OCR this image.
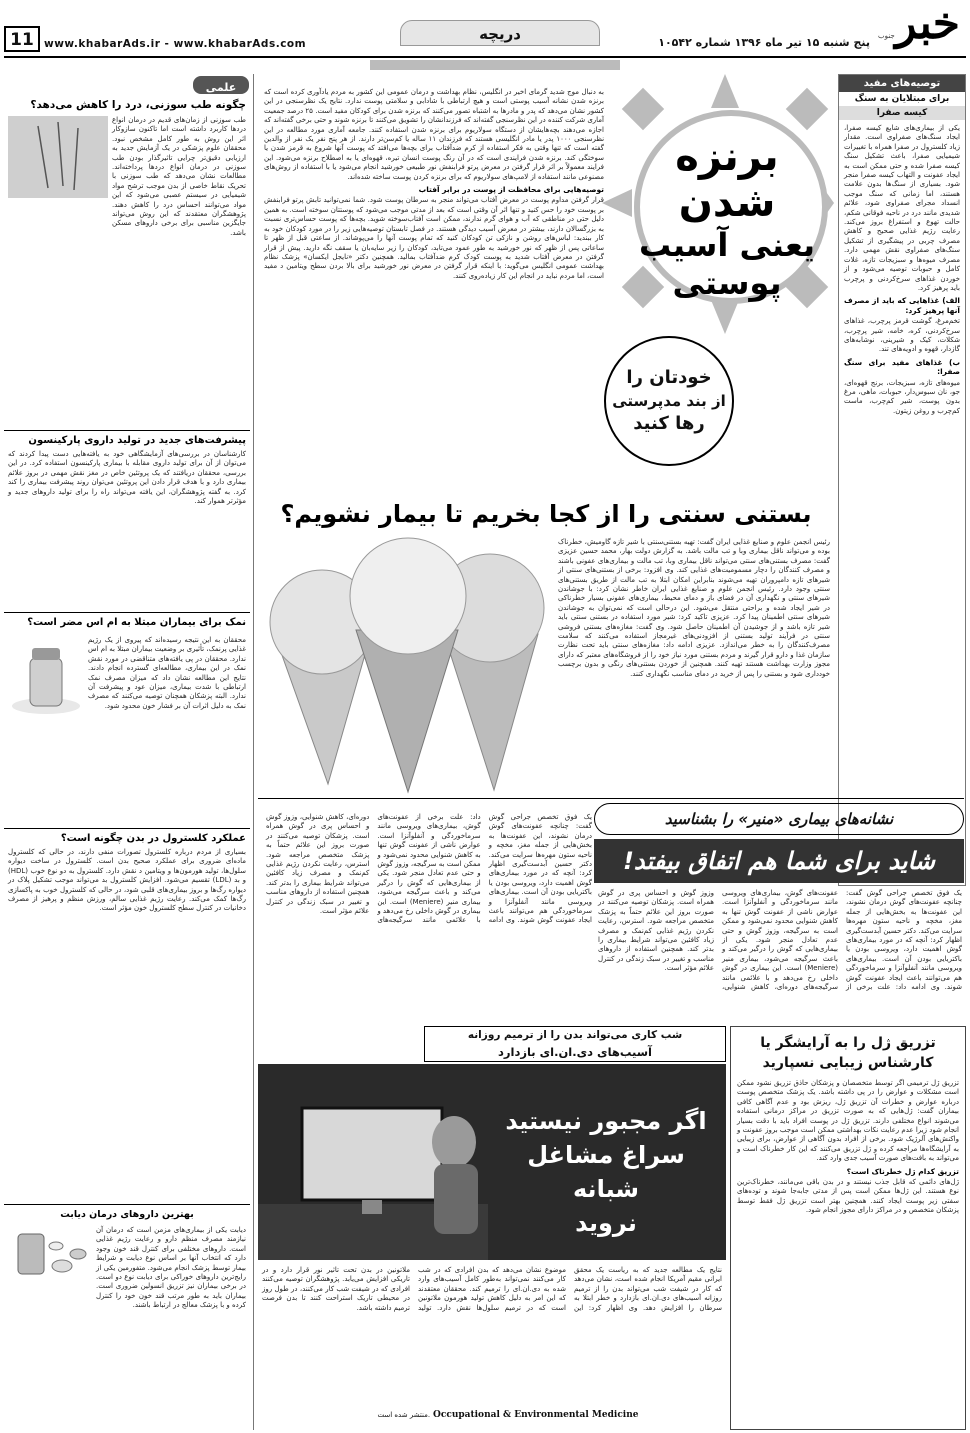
خبر
جنوب
پنج شنبه ۱۵ تیر ماه ۱۳۹۶ شماره ۱۰۵۴۲
دریچه
www.khabarAds.ir - www.khabarAds.com
11
KHABAR-E-JONOOB MORNING NEWSPAPER
توصیه‌های مفید
برای مبتلایان به سنگ
کیسه صفرا

یکی از بیماری‌های شایع کیسه صفرا، ایجاد سنگ‌های صفراوی است. مقدار زیاد کلسترول در صفرا همراه با تغییرات شیمیایی صفرا، باعث تشکیل سنگ کیسه صفرا شده و حتی ممکن است به ایجاد عفونت و التهاب کیسه صفرا منجر شود. بسیاری از سنگ‌ها بدون علامت هستند، اما زمانی که سنگ موجب انسداد مجرای صفراوی شود، علائم شدیدی مانند درد در ناحیه فوقانی شکم، حالت تهوع و استفراغ بروز می‌کند. رعایت رژیم غذایی صحیح و کاهش مصرف چربی در پیشگیری از تشکیل سنگ‌های صفراوی نقش مهمی دارد. مصرف میوه‌ها و سبزیجات تازه، غلات کامل و حبوبات توصیه می‌شود و از خوردن غذاهای سرخ‌کردنی و پرچرب باید پرهیز کرد.

الف) غذاهایی که باید از مصرف آنها پرهیز کرد:

تخم‌مرغ، گوشت قرمز پرچرب، غذاهای سرخ‌کردنی، کره، خامه، شیر پرچرب، شکلات، کیک و شیرینی، نوشابه‌های گازدار، قهوه و ادویه‌های تند.

ب) غذاهای مفید برای سنگ صفرا:

میوه‌های تازه، سبزیجات، برنج قهوه‌ای، جو، نان سبوس‌دار، حبوبات، ماهی، مرغ بدون پوست، شیر کم‌چرب، ماست کم‌چرب و روغن زیتون.

برنزه شدن
یعنی آسیب
پوستی
خودتان را
از بند مدپرستی
رها کنید

به دنبال موج شدید گرمای اخیر در انگلیس، نظام بهداشت و درمان عمومی این کشور به مردم یادآوری کرده است که برنزه شدن نشانه آسیب پوستی است و هیچ ارتباطی با شادابی و سلامتی پوست ندارد. نتایج یک نظرسنجی در این کشور نشان می‌دهد که پدر و مادرها به اشتباه تصور می‌کنند که برنزه شدن برای کودکان مفید است. ۲۵ درصد جمعیت آماری شرکت کننده در این نظرسنجی گفته‌اند که فرزندانشان را تشویق می‌کنند تا برنزه شوند و حتی برخی گفته‌اند که اجازه می‌دهند بچه‌هایشان از دستگاه سولاریوم برای برنزه شدن استفاده کنند. جامعه آماری مورد مطالعه در این نظرسنجی ۱۰۰۰ پدر یا مادر انگلیسی هستند که فرزندان ۱۱ ساله یا کم‌سن‌تر دارند. از هر پنج نفر یک نفر از والدین گفته است که تنها وقتی به فکر استفاده از کرم ضدآفتاب برای بچه‌ها می‌افتد که پوست آنها شروع به قرمز شدن یا سوختگی کند. برنزه شدن فرایندی است که در آن رنگ پوست انسان تیره، قهوه‌ای یا به اصطلاح برنزه می‌شود. این فرایند معمولاً بر اثر قرار گرفتن در معرض پرتو فرابنفش نور طبیعی خورشید انجام می‌شود یا با استفاده از روش‌های مصنوعی مانند استفاده از لامپ‌های سولاریوم که برای برنزه کردن پوست ساخته شده‌اند.

توصیه‌هایی برای محافظت از پوست در برابر آفتاب

قرار گرفتن مداوم پوست در معرض آفتاب می‌تواند منجر به سرطان پوست شود. شما نمی‌توانید تابش پرتو فرابنفش بر پوست خود را حس کنید و تنها اثر آن وقتی است که بعد از مدتی موجب می‌شود که پوستتان سوخته است. به همین دلیل حتی در مناطقی که آب و هوای گرم ندارند، ممکن است آفتاب‌سوخته شوید. بچه‌ها که پوست حساس‌تری نسبت به بزرگسالان دارند، بیشتر در معرض آسیب دیدگی هستند. در فصل تابستان توصیه‌هایی زیر را در مورد کودکان خود به کار ببندید: لباس‌های روشن و نازکی تن کودکان کنید که تمام پوست آنها را می‌پوشاند. از ساعتی قبل از ظهر تا ساعاتی پس از ظهر که نور خورشید به طور عمود می‌تابد، کودکان را زیر سایه‌بان یا سقف نگه دارید. پیش از قرار گرفتن در معرض آفتاب شدید به پوست کودک کرم ضدآفتاب بمالید. همچنین دکتر «نایجل ایکسان» پزشک نظام بهداشت عمومی انگلیس می‌گوید: با اینکه قرار گرفتن در معرض نور خورشید برای بالا بردن سطح ویتامین د مفید است، اما مردم نباید در انجام این کار زیاده‌روی کنند.

بستنی سنتی را از کجا بخریم تا بیمار نشویم؟
رئیس انجمن علوم و صنایع غذایی ایران گفت: تهیه بستنی‌سنتی با شیر تازه گاومیش، خطرناک بوده و می‌تواند ناقل بیماری وبا و تب مالت باشد. به گزارش دولت بهار، محمد حسین عزیزی گفت: مصرف بستنی‌های سنتی می‌تواند ناقل بیماری وبا، تب مالت و بیماری‌های عفونی باشند و مصرف کنندگان را دچار مسمومیت‌های غذایی کند. وی افزود: برخی از بستنی‌های سنتی از شیرهای تازه دامپروران تهیه می‌شوند بنابراین امکان ابتلا به تب مالت از طریق بستنی‌های سنتی وجود دارد. رئیس انجمن علوم و صنایع غذایی ایران خاطر نشان کرد: با جوشاندن شیرهای سنتی و نگهداری آن در فضای باز و دمای محیط، بیماری‌های عفونی بسیار خطرناکی در شیر ایجاد شده و براحتی منتقل می‌شود. این درحالی است که نمی‌توان به جوشاندن شیرهای سنتی اطمینان پیدا کرد. عزیزی تاکید کرد: شیر مورد استفاده در بستنی سنتی باید شیر تازه باشد و از جوشیدن آن اطمینان حاصل شود. وی گفت: مغازه‌های بستنی فروشی سنتی در فرآیند تولید بستنی از افزودنی‌های غیرمجاز استفاده می‌کنند که سلامت مصرف‌کنندگان را به خطر می‌اندازد. عزیزی ادامه داد: مغازه‌های سنتی باید تحت نظارت سازمان غذا و دارو قرار گیرند و مردم بستنی مورد نیاز خود را از فروشگاه‌های معتبر که دارای مجوز وزارت بهداشت هستند تهیه کنند. همچنین از خوردن بستنی‌های رنگی و بدون برچسب خودداری شود و بستنی را پس از خرید در دمای مناسب نگهداری کنند.
نشانه‌های بیماری «منیر» را بشناسید
شاید برای شما هم اتفاق بیفتد!
یک فوق تخصص جراحی گوش گفت: چنانچه عفونت‌های گوش درمان نشوند، این عفونت‌ها به بخش‌هایی از جمله مغز، مخچه و ناحیه ستون مهره‌ها سرایت می‌کند. دکتر حسین آبدست‌گیری اظهار کرد: آنچه که در مورد بیماری‌های گوش اهمیت دارد، ویروسی بودن یا باکتریایی بودن آن است. بیماری‌های ویروسی مانند آنفلوآنزا و سرماخوردگی هم می‌توانند باعث ایجاد عفونت گوش شوند. وی ادامه داد: علت برخی از عفونت‌های گوش، بیماری‌های ویروسی مانند سرماخوردگی و آنفلوآنزا است. عوارض ناشی از عفونت گوش تنها به کاهش شنوایی محدود نمی‌شود و ممکن است به سرگیجه، وزوز گوش و حتی عدم تعادل منجر شود. یکی از بیماری‌هایی که گوش را درگیر می‌کند و باعث سرگیجه می‌شود، بیماری منیر (Meniere) است. این بیماری در گوش داخلی رخ می‌دهد و با علائمی مانند سرگیجه‌های دوره‌ای، کاهش شنوایی، وزوز گوش و احساس پری در گوش همراه است. پزشکان توصیه می‌کنند در صورت بروز این علائم حتماً به پزشک متخصص مراجعه شود. استرس، رعایت نکردن رژیم غذایی کم‌نمک و مصرف زیاد کافئین می‌تواند شرایط بیماری را بدتر کند. همچنین استفاده از داروهای مناسب و تغییر در سبک زندگی در کنترل علائم مؤثر است.
یک فوق تخصص جراحی گوش گفت: چنانچه عفونت‌های گوش درمان نشوند، این عفونت‌ها به بخش‌هایی از جمله مغز، مخچه و ناحیه ستون مهره‌ها سرایت می‌کند. دکتر حسین آبدست‌گیری اظهار کرد: آنچه که در مورد بیماری‌های گوش اهمیت دارد، ویروسی بودن یا باکتریایی بودن آن است. بیماری‌های ویروسی مانند آنفلوآنزا و سرماخوردگی هم می‌توانند باعث ایجاد عفونت گوش شوند. وی ادامه داد: علت برخی از عفونت‌های گوش، بیماری‌های ویروسی مانند سرماخوردگی و آنفلوآنزا است. عوارض ناشی از عفونت گوش تنها به کاهش شنوایی محدود نمی‌شود و ممکن است به سرگیجه، وزوز گوش و حتی عدم تعادل منجر شود. یکی از بیماری‌هایی که گوش را درگیر می‌کند و باعث سرگیجه می‌شود، بیماری منیر (Meniere) است. این بیماری در گوش داخلی رخ می‌دهد و با علائمی مانند سرگیجه‌های دوره‌ای، کاهش شنوایی، وزوز گوش و احساس پری در گوش همراه است. پزشکان توصیه می‌کنند در صورت بروز این علائم حتماً به پزشک متخصص مراجعه شود. استرس، رعایت نکردن رژیم غذایی کم‌نمک و مصرف زیاد کافئین می‌تواند شرایط بیماری را بدتر کند. همچنین استفاده از داروهای مناسب و تغییر در سبک زندگی در کنترل علائم مؤثر است.
تزریق ژل را به آرایشگر یا کارشناس زیبایی نسپارید

تزریق ژل ترمیمی اگر توسط متخصصان و پزشکان حاذق تزریق نشود ممکن است مشکلات و عوارض را در پی داشته باشد. یک پزشک متخصص پوست درباره عوارض و خطرات آن تزریق ژل، ریزش بود و عدم آگاهی کافی بیماران گفت: ژل‌هایی که به صورت تزریق در مراکز درمانی استفاده می‌شوند انواع مختلفی دارند. تزریق ژل در پوست افراد باید با دقت بسیار انجام شود زیرا عدم رعایت نکات بهداشتی ممکن است موجب بروز عفونت و واکنش‌های آلرژیک شود. برخی از افراد بدون آگاهی از عوارض، برای زیبایی به آرایشگاه‌ها مراجعه کرده و ژل تزریق می‌کنند که این کار خطرناک است و می‌تواند به بافت‌های صورت آسیب جدی وارد کند.

تزریق کدام ژل خطرناک است؟

ژل‌های دائمی که قابل جذب نیستند و در بدن باقی می‌مانند، خطرناک‌ترین نوع هستند. این ژل‌ها ممکن است پس از مدتی جابه‌جا شوند و توده‌های سفتی زیر پوست ایجاد کنند. همچنین بهتر است تزریق ژل فقط توسط پزشکان متخصص و در مراکز دارای مجوز انجام شود.

شب کاری می‌تواند بدن را از ترمیم روزانه
آسیب‌های دی.ان.ای بازدارد
اگر مجبور نیستید
سراغ مشاغل شبانه
نروید
نتایج یک مطالعه جدید که به ریاست یک محقق ایرانی مقیم آمریکا انجام شده است، نشان می‌دهد که کار در شیفت شب می‌تواند بدن را از ترمیم روزانه آسیب‌های دی.ان.ای بازدارد و خطر ابتلا به سرطان را افزایش دهد. وی اظهار کرد: این موضوع نشان می‌دهد که بدن افرادی که در شب کار می‌کنند نمی‌تواند به‌طور کامل آسیب‌های وارد شده به دی.ان.ای را ترمیم کند. محققان معتقدند که این امر به دلیل کاهش تولید هورمون ملاتونین است که در ترمیم سلول‌ها نقش دارد. تولید ملاتونین در بدن تحت تاثیر نور قرار دارد و در تاریکی افزایش می‌یابد. پژوهشگران توصیه می‌کنند افرادی که در شیفت شب کار می‌کنند، در طول روز در محیطی تاریک استراحت کنند تا بدن فرصت ترمیم داشته باشد.
منتشر شده است. Occupational & Environmental Medicine
علمی
چگونه طب سوزنی، درد را کاهش می‌دهد؟
طب سوزنی از زمان‌های قدیم در درمان انواع دردها کاربرد داشته است اما تاکنون سازوکار اثر این روش به طور کامل مشخص نبود. محققان علوم پزشکی در یک آزمایش جدید به ارزیابی دقیق‌تر چرایی تاثیرگذار بودن طب سوزنی در درمان انواع دردها پرداخته‌اند. مطالعات نشان می‌دهد که طب سوزنی با تحریک نقاط خاصی از بدن موجب ترشح مواد شیمیایی در سیستم عصبی می‌شود که این مواد می‌توانند احساس درد را کاهش دهند. پژوهشگران معتقدند که این روش می‌تواند جایگزین مناسبی برای برخی داروهای مسکن باشد.
پیشرفت‌های جدید در تولید داروی پارکینسون
کارشناسان در بررسی‌های آزمایشگاهی خود به یافته‌هایی دست پیدا کردند که می‌توان از آن برای تولید داروی مقابله با بیماری پارکینسون استفاده کرد. در این بررسی، محققان دریافتند که یک پروتئین خاص در مغز نقش مهمی در بروز علائم بیماری دارد و با هدف قرار دادن این پروتئین می‌توان روند پیشرفت بیماری را کند کرد. به گفته پژوهشگران، این یافته می‌تواند راه را برای تولید داروهای جدید و مؤثرتر هموار کند.
نمک برای بیماران مبتلا به ام اس مضر است؟
محققان به این نتیجه رسیده‌اند که پیروی از یک رژیم غذایی پرنمک، تأثیری بر وضعیت بیماران مبتلا به ام اس ندارد. محققان در پی یافته‌های متناقضی در مورد نقش نمک در این بیماری، مطالعه‌ای گسترده انجام دادند. نتایج این مطالعه نشان داد که میزان مصرف نمک ارتباطی با شدت بیماری، میزان عود و پیشرفت آن ندارد. البته پزشکان همچنان توصیه می‌کنند که مصرف نمک به دلیل اثرات آن بر فشار خون محدود شود.
عملکرد کلسترول در بدن چگونه است؟
بسیاری از مردم درباره کلسترول تصورات منفی دارند، در حالی که کلسترول ماده‌ای ضروری برای عملکرد صحیح بدن است. کلسترول در ساخت دیواره سلول‌ها، تولید هورمون‌ها و ویتامین د نقش دارد. کلسترول به دو نوع خوب (HDL) و بد (LDL) تقسیم می‌شود. افزایش کلسترول بد می‌تواند موجب تشکیل پلاک در دیواره رگ‌ها و بروز بیماری‌های قلبی شود، در حالی که کلسترول خوب به پاکسازی رگ‌ها کمک می‌کند. رعایت رژیم غذایی سالم، ورزش منظم و پرهیز از مصرف دخانیات در کنترل سطح کلسترول خون مؤثر است.
بهترین داروهای درمان دیابت
دیابت یکی از بیماری‌های مزمن است که درمان آن نیازمند مصرف منظم دارو و رعایت رژیم غذایی است. داروهای مختلفی برای کنترل قند خون وجود دارد که انتخاب آنها بر اساس نوع دیابت و شرایط بیمار توسط پزشک انجام می‌شود. متفورمین یکی از رایج‌ترین داروهای خوراکی برای دیابت نوع دو است. در برخی بیماران نیز تزریق انسولین ضروری است. بیماران باید به طور مرتب قند خون خود را کنترل کرده و با پزشک معالج در ارتباط باشند.
